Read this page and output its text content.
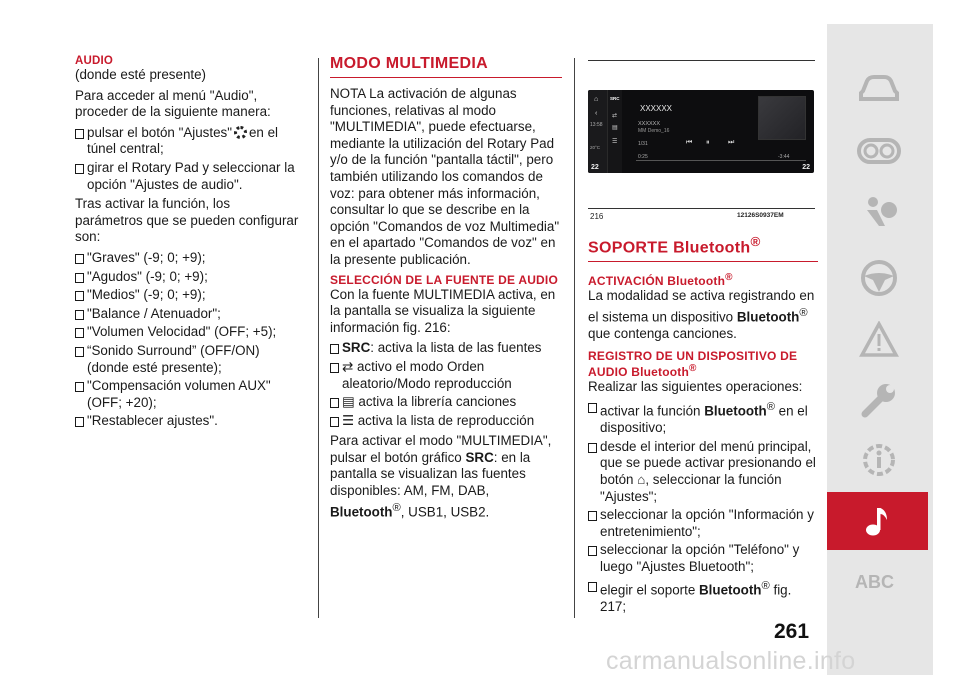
AUDIO

(donde esté presente)

Para acceder al menú "Audio", proceder de la siguiente manera:

pulsar el botón "Ajustes" en el túnel central;
girar el Rotary Pad y seleccionar la opción "Ajustes de audio".

Tras activar la función, los parámetros que se pueden configurar son:

"Graves" (-9; 0; +9);
"Agudos" (-9; 0; +9);
"Medios" (-9; 0; +9);
"Balance / Atenuador";
"Volumen Velocidad" (OFF; +5);
“Sonido Surround” (OFF/ON) (donde esté presente);
"Compensación volumen AUX" (OFF; +20);
"Restablecer ajustes".
MODO MULTIMEDIA

NOTA La activación de algunas funciones, relativas al modo "MULTIMEDIA", puede efectuarse, mediante la utilización del Rotary Pad y/o de la función "pantalla táctil", pero también utilizando los comandos de voz: para obtener más información, consultar lo que se describe en la opción "Comandos de voz Multimedia" en el apartado "Comandos de voz" en la presente publicación.

SELECCIÓN DE LA FUENTE DE AUDIO

Con la fuente MULTIMEDIA activa, en la pantalla se visualiza la siguiente información fig. 216:

SRC: activa la lista de las fuentes
⇄ activo el modo Orden aleatorio/Modo reproducción
▤ activa la librería canciones
☰ activa la lista de reproducción

Para activar el modo "MULTIMEDIA", pulsar el botón gráfico SRC: en la pantalla se visualizan las fuentes disponibles: AM, FM, DAB, Bluetooth®, USB1, USB2.

⌂
‹
13:58
20°C
SRC
⇄
▤
☰
XXXXXX
XXXXXX
MM Demo_16
1/31	⏮ ⏸	⏭
0:25	-3:44
22	22
216	12126S0937EM
SOPORTE Bluetooth®
ACTIVACIÓN Bluetooth®

La modalidad se activa registrando en el sistema un dispositivo Bluetooth® que contenga canciones.

REGISTRO DE UN DISPOSITIVO DE AUDIO Bluetooth®

Realizar las siguientes operaciones:

activar la función Bluetooth® en el dispositivo;
desde el interior del menú principal, que se puede activar presionando el botón ⌂, seleccionar la función "Ajustes";
seleccionar la opción "Información y entretenimiento";
seleccionar la opción "Teléfono" y luego "Ajustes Bluetooth";
elegir el soporte Bluetooth® fig. 217;
ABC
261
carmanualsonline.info
